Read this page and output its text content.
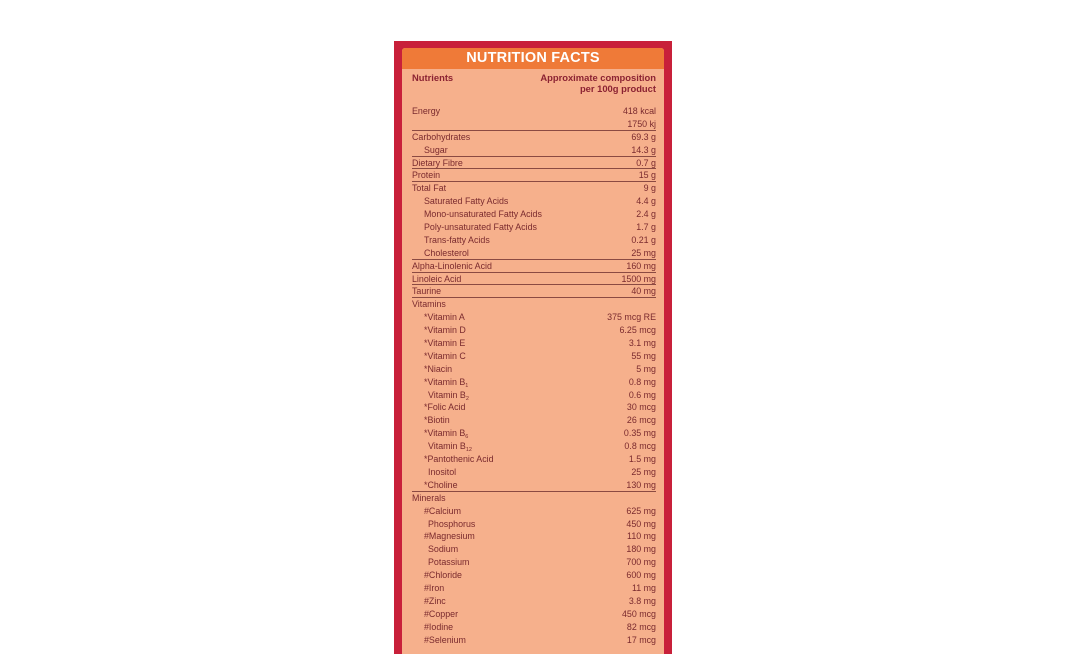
NUTRITION FACTS
Nutrients	Approximate composition
per 100g product
Energy	418 kcal
1750 kj
Carbohydrates	69.3 g
Sugar	14.3 g
Dietary Fibre	0.7 g
Protein	15 g
Total Fat	9 g
Saturated Fatty Acids	4.4 g
Mono-unsaturated Fatty Acids	2.4 g
Poly-unsaturated Fatty Acids	1.7 g
Trans-fatty Acids	0.21 g
Cholesterol	25 mg
Alpha-Linolenic Acid	160 mg
Linoleic Acid	1500 mg
Taurine	40 mg
Vitamins
*Vitamin A	375 mcg RE
*Vitamin D	6.25 mcg
*Vitamin E	3.1 mg
*Vitamin C	55 mg
*Niacin	5 mg
*Vitamin $B_1$	0.8 mg
Vitamin $B_2$	0.6 mg
*Folic Acid	30 mcg
*Biotin	26 mcg
*Vitamin $B_6$	0.35 mg
Vitamin $B_{12}$	0.8 mcg
*Pantothenic Acid	1.5 mg
Inositol	25 mg
*Choline	130 mg
Minerals
#Calcium	625 mg
Phosphorus	450 mg
#Magnesium	110 mg
Sodium	180 mg
Potassium	700 mg
#Chloride	600 mg
#Iron	11 mg
#Zinc	3.8 mg
#Copper	450 mcg
#Iodine	82 mcg
#Selenium	17 mcg
